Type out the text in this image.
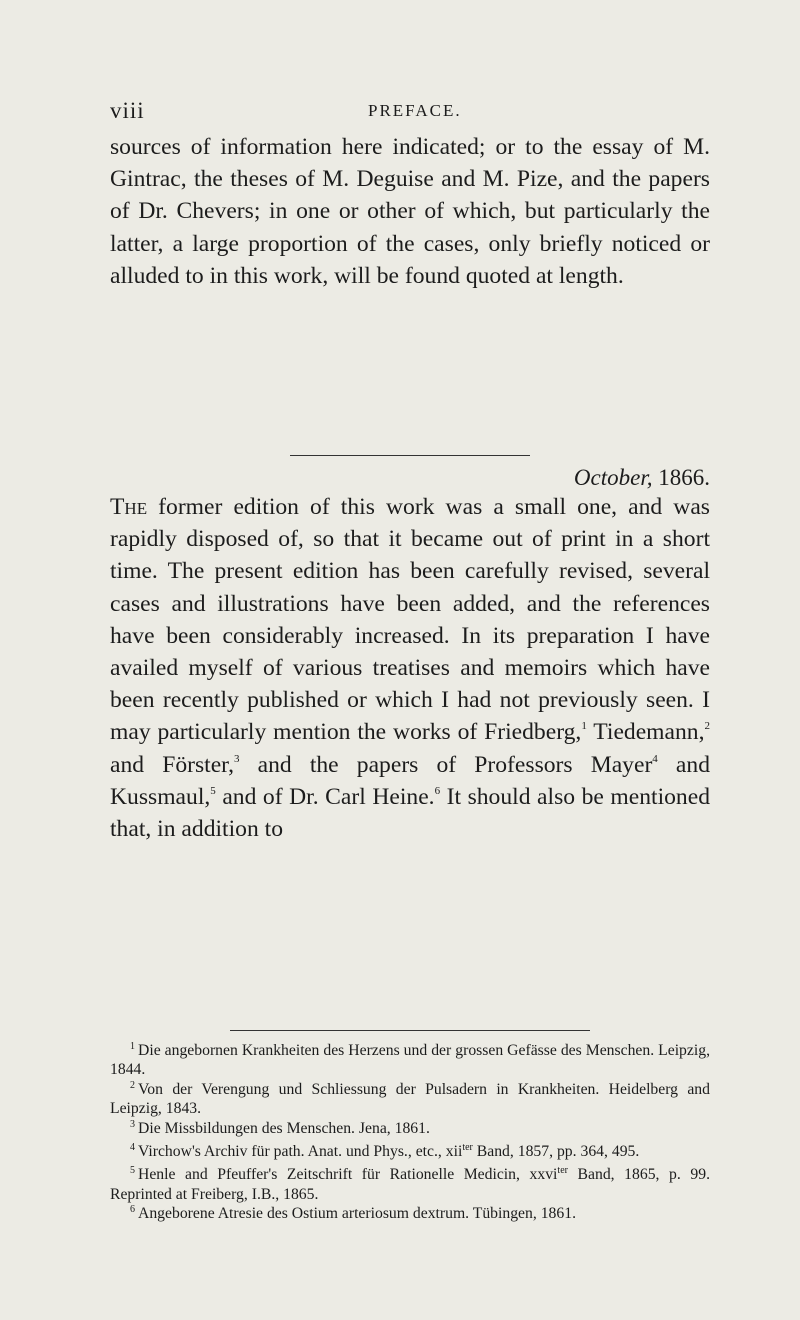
viii	PREFACE.

sources of information here indicated; or to the essay of M. Gintrac, the theses of M. Deguise and M. Pize, and the papers of Dr. Chevers; in one or other of which, but particularly the latter, a large proportion of the cases, only briefly noticed or alluded to in this work, will be found quoted at length.

October, 1866.

The former edition of this work was a small one, and was rapidly disposed of, so that it became out of print in a short time. The present edition has been carefully revised, several cases and illustrations have been added, and the references have been considerably increased. In its preparation I have availed myself of various treatises and memoirs which have been recently published or which I had not previously seen. I may particularly mention the works of Friedberg,$^1$ Tiedemann,$^2$ and Förster,$^3$ and the papers of Professors Mayer$^4$ and Kussmaul,$^5$ and of Dr. Carl Heine.$^6$ It should also be mentioned that, in addition to

$^1$ Die angebornen Krankheiten des Herzens und der grossen Gefässe des Menschen. Leipzig, 1844.

$^2$ Von der Verengung und Schliessung der Pulsadern in Krankheiten. Heidelberg and Leipzig, 1843.

$^3$ Die Missbildungen des Menschen. Jena, 1861.

$^4$ Virchow's Archiv für path. Anat. und Phys., etc., xii$^{ter}$ Band, 1857, pp. 364, 495.

$^5$ Henle and Pfeuffer's Zeitschrift für Rationelle Medicin, xxvi$^{ter}$ Band, 1865, p. 99. Reprinted at Freiberg, I.B., 1865.

$^6$ Angeborene Atresie des Ostium arteriosum dextrum. Tübingen, 1861.
